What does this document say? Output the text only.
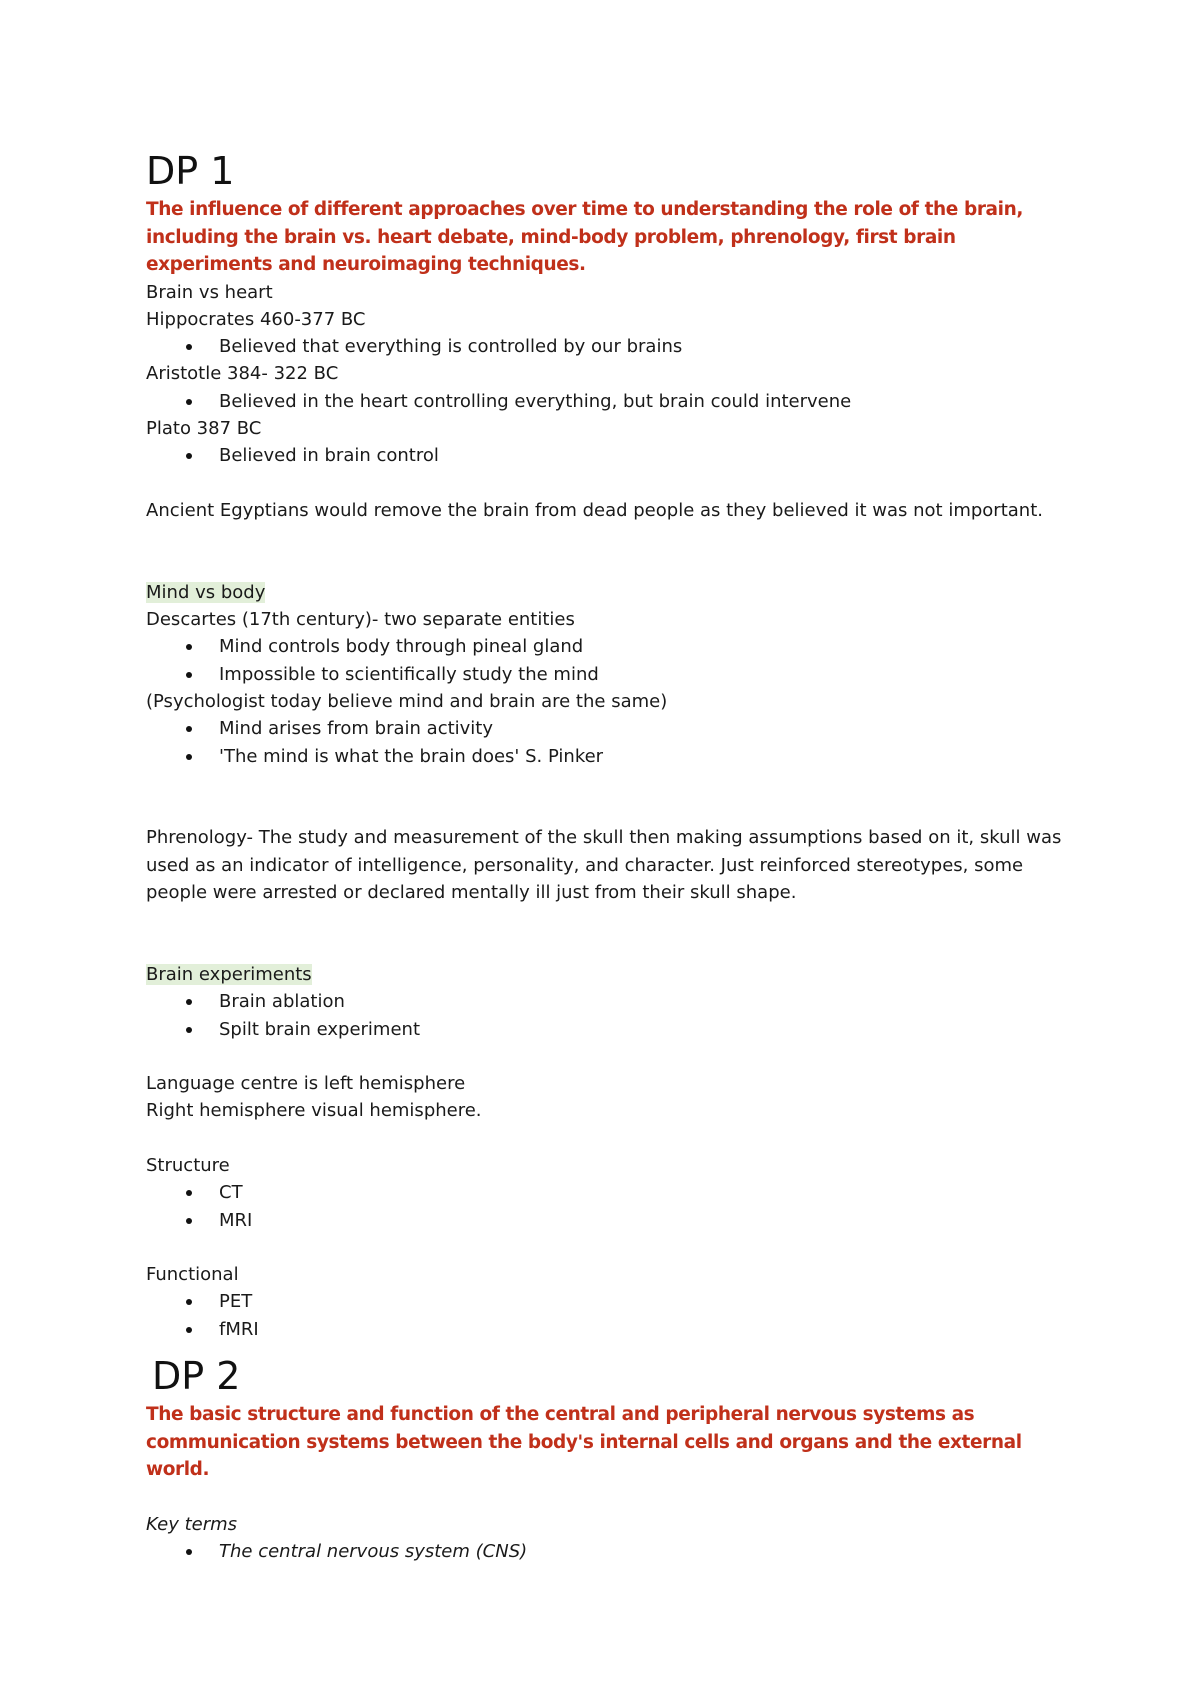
DP 1

The influence of different approaches over time to understanding the role of the brain, including the brain vs. heart debate, mind-body problem, phrenology, first brain experiments and neuroimaging techniques.

Brain vs heart

Hippocrates 460-377 BC

Believed that everything is controlled by our brains

Aristotle 384- 322 BC

Believed in the heart controlling everything, but brain could intervene

Plato 387 BC

Believed in brain control

Ancient Egyptians would remove the brain from dead people as they believed it was not important.

Mind vs body

Descartes (17th century)- two separate entities

Mind controls body through pineal gland
Impossible to scientifically study the mind

(Psychologist today believe mind and brain are the same)

Mind arises from brain activity
'The mind is what the brain does' S. Pinker

Phrenology- The study and measurement of the skull then making assumptions based on it, skull was used as an indicator of intelligence, personality, and character. Just reinforced stereotypes, some people were arrested or declared mentally ill just from their skull shape.

Brain experiments

Brain ablation
Spilt brain experiment

Language centre is left hemisphere

Right hemisphere visual hemisphere.

Structure

CT
MRI

Functional

PET
fMRI
DP 2

The basic structure and function of the central and peripheral nervous systems as communication systems between the body's internal cells and organs and the external world.

Key terms

The central nervous system (CNS)
